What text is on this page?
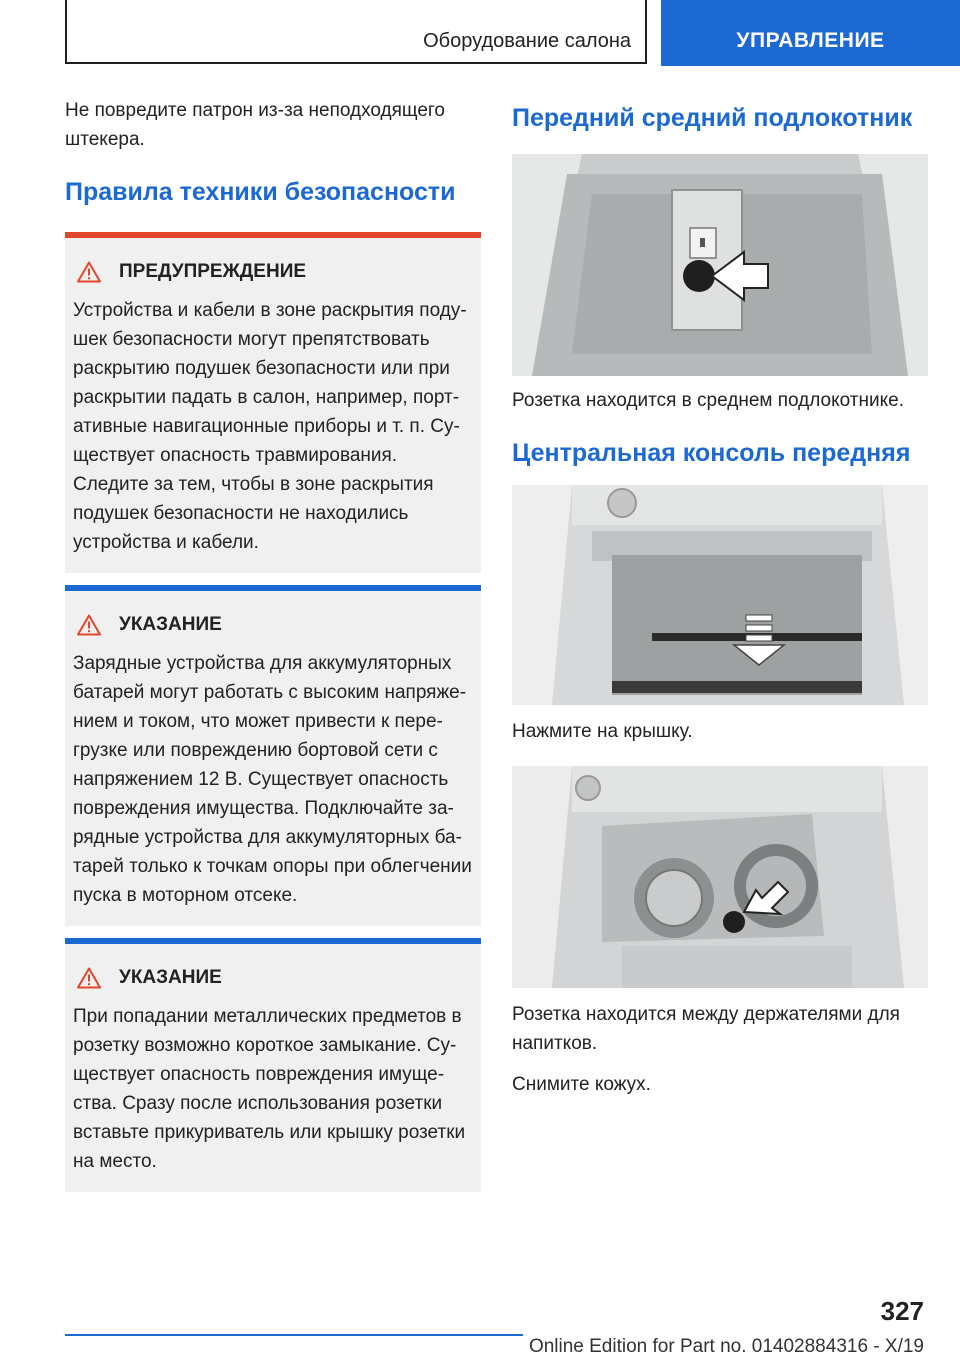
Оборудование салона	УПРАВЛЕНИЕ

Не повредите патрон из-за неподходящего штекера.

Правила техники безопасности
ПРЕДУПРЕЖДЕНИЕ

Устройства и кабели в зоне раскрытия подушек безопасности могут препятствовать раскрытию подушек безопасности или при раскрытии падать в салон, например, портативные навигационные приборы и т. п. Существует опасность травмирования. Следите за тем, чтобы в зоне раскрытия подушек безопасности не находились устройства и кабели.

УКАЗАНИЕ

Зарядные устройства для аккумуляторных батарей могут работать с высоким напряжением и током, что может привести к перегрузке или повреждению бортовой сети с напряжением 12 В. Существует опасность повреждения имущества. Подключайте зарядные устройства для аккумуляторных батарей только к точкам опоры при облегчении пуска в моторном отсеке.

УКАЗАНИЕ

При попадании металлических предметов в розетку возможно короткое замыкание. Существует опасность повреждения имущества. Сразу после использования розетки вставьте прикуриватель или крышку розетки на место.

Передний средний подлокотник

Розетка находится в среднем подлокотнике.

Центральная консоль передняя

Нажмите на крышку.

Розетка находится между держателями для напитков.

Снимите кожух.

327
Online Edition for Part no. 01402884316 - X/19
